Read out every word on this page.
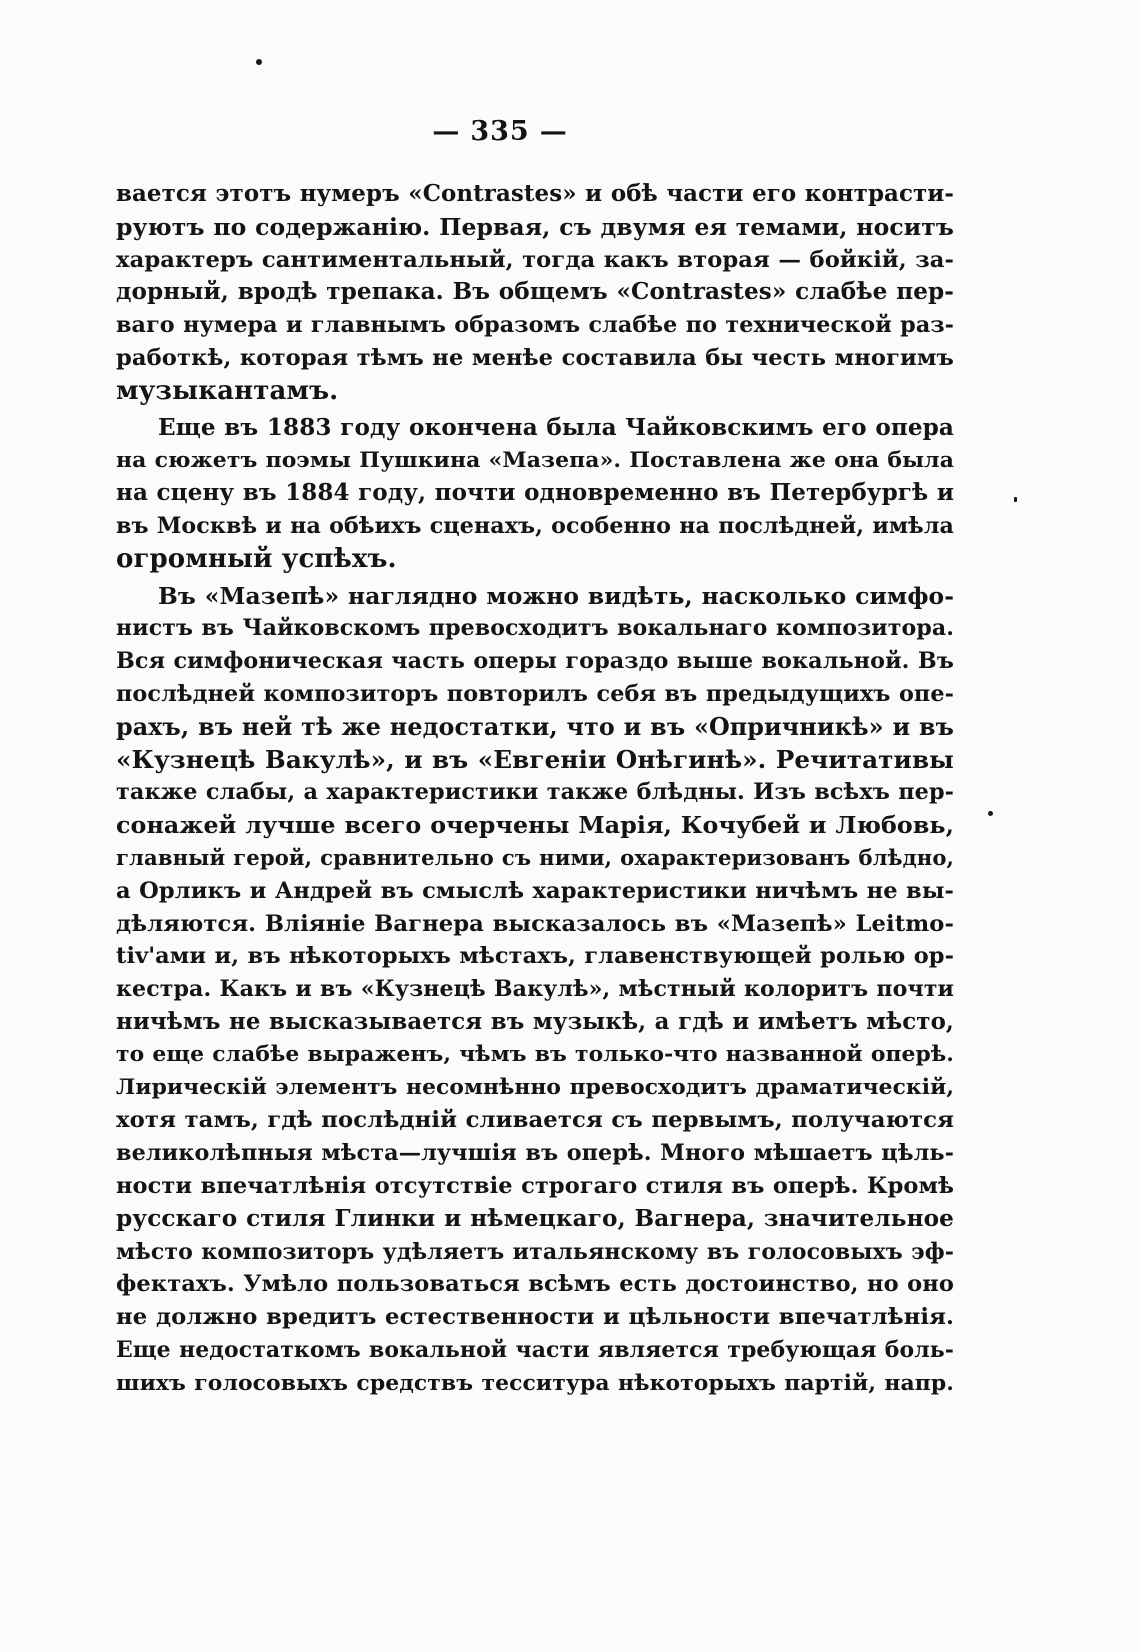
— 335 —
вается этотъ нумеръ «Contrastes» и обѣ части его контрасти-
руютъ по содержанію. Первая, съ двумя ея темами, носитъ
характеръ сантиментальный, тогда какъ вторая — бойкій, за-
дорный, вродѣ трепака. Въ общемъ «Contrastes» слабѣе пер-
ваго нумера и главнымъ образомъ слабѣе по технической раз-
работкѣ, которая тѣмъ не менѣе составила бы честь многимъ
музыкантамъ.
Еще въ 1883 году окончена была Чайковскимъ его опера
на сюжетъ поэмы Пушкина «Мазепа». Поставлена же она была
на сцену въ 1884 году, почти одновременно въ Петербургѣ и
въ Москвѣ и на обѣихъ сценахъ, особенно на послѣдней, имѣла
огромный успѣхъ.
Въ «Мазепѣ» наглядно можно видѣть, насколько симфо-
нистъ въ Чайковскомъ превосходитъ вокальнаго композитора.
Вся симфоническая часть оперы гораздо выше вокальной. Въ
послѣдней композиторъ повторилъ себя въ предыдущихъ опе-
рахъ, въ ней тѣ же недостатки, что и въ «Опричникѣ» и въ
«Кузнецѣ Вакулѣ», и въ «Евгеніи Онѣгинѣ». Речитативы
также слабы, а характеристики также блѣдны. Изъ всѣхъ пер-
сонажей лучше всего очерчены Марія, Кочубей и Любовь,
главный герой, сравнительно съ ними, охарактеризованъ блѣдно,
а Орликъ и Андрей въ смыслѣ характеристики ничѣмъ не вы-
дѣляются. Вліяніе Вагнера высказалось въ «Мазепѣ» Leitmo-
tiv'ами и, въ нѣкоторыхъ мѣстахъ, главенствующей ролью ор-
кестра. Какъ и въ «Кузнецѣ Вакулѣ», мѣстный колоритъ почти
ничѣмъ не высказывается въ музыкѣ, а гдѣ и имѣетъ мѣсто,
то еще слабѣе выраженъ, чѣмъ въ только-что названной оперѣ.
Лирическій элементъ несомнѣнно превосходитъ драматическій,
хотя тамъ, гдѣ послѣдній сливается съ первымъ, получаются
великолѣпныя мѣста—лучшія въ оперѣ. Много мѣшаетъ цѣль-
ности впечатлѣнія отсутствіе строгаго стиля въ оперѣ. Кромѣ
русскаго стиля Глинки и нѣмецкаго, Вагнера, значительное
мѣсто композиторъ удѣляетъ итальянскому въ голосовыхъ эф-
фектахъ. Умѣло пользоваться всѣмъ есть достоинство, но оно
не должно вредитъ естественности и цѣльности впечатлѣнія.
Еще недостаткомъ вокальной части является требующая боль-
шихъ голосовыхъ средствъ тесситура нѣкоторыхъ партій, напр.
